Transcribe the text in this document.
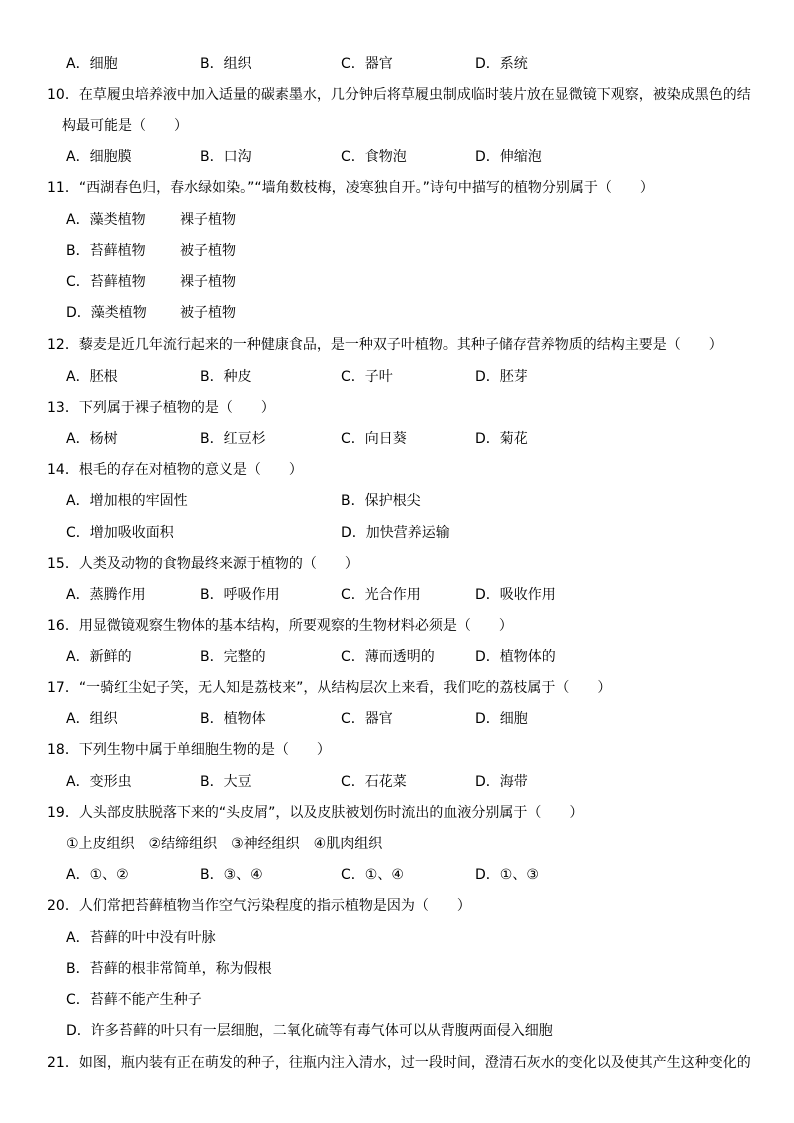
A．细胞	B．组织	C．器官	D．系统
10．在草履虫培养液中加入适量的碳素墨水，几分钟后将草履虫制成临时装片放在显微镜下观察，被染成黑色的结
构最可能是（　　）
A．细胞膜	B．口沟	C．食物泡	D．伸缩泡
11．“西湖春色归，春水绿如染。”“墙角数枝梅，凌寒独自开。”诗句中描写的植物分别属于（　　）
A．藻类植物 裸子植物
B．苔藓植物 被子植物
C．苔藓植物 裸子植物
D．藻类植物 被子植物
12．藜麦是近几年流行起来的一种健康食品，是一种双子叶植物。其种子储存营养物质的结构主要是（　　）
A．胚根	B．种皮	C．子叶	D．胚芽
13．下列属于裸子植物的是（　　）
A．杨树	B．红豆杉	C．向日葵	D．菊花
14．根毛的存在对植物的意义是（　　）
A．增加根的牢固性	B．保护根尖
C．增加吸收面积	D．加快营养运输
15．人类及动物的食物最终来源于植物的（　　）
A．蒸腾作用	B．呼吸作用	C．光合作用	D．吸收作用
16．用显微镜观察生物体的基本结构，所要观察的生物材料必须是（　　）
A．新鲜的	B．完整的	C．薄而透明的	D．植物体的
17．“一骑红尘妃子笑，无人知是荔枝来”，从结构层次上来看，我们吃的荔枝属于（　　）
A．组织	B．植物体	C．器官	D．细胞
18．下列生物中属于单细胞生物的是（　　）
A．变形虫	B．大豆	C．石花菜	D．海带
19．人头部皮肤脱落下来的“头皮屑”，以及皮肤被划伤时流出的血液分别属于（　　）
①上皮组织　②结缔组织　③神经组织　④肌肉组织
A．①、②	B．③、④	C．①、④	D．①、③
20．人们常把苔藓植物当作空气污染程度的指示植物是因为（　　）
A．苔藓的叶中没有叶脉
B．苔藓的根非常简单，称为假根
C．苔藓不能产生种子
D．许多苔藓的叶只有一层细胞，二氧化硫等有毒气体可以从背腹两面侵入细胞
21．如图，瓶内装有正在萌发的种子，往瓶内注入清水，过一段时间，澄清石灰水的变化以及使其产生这种变化的
